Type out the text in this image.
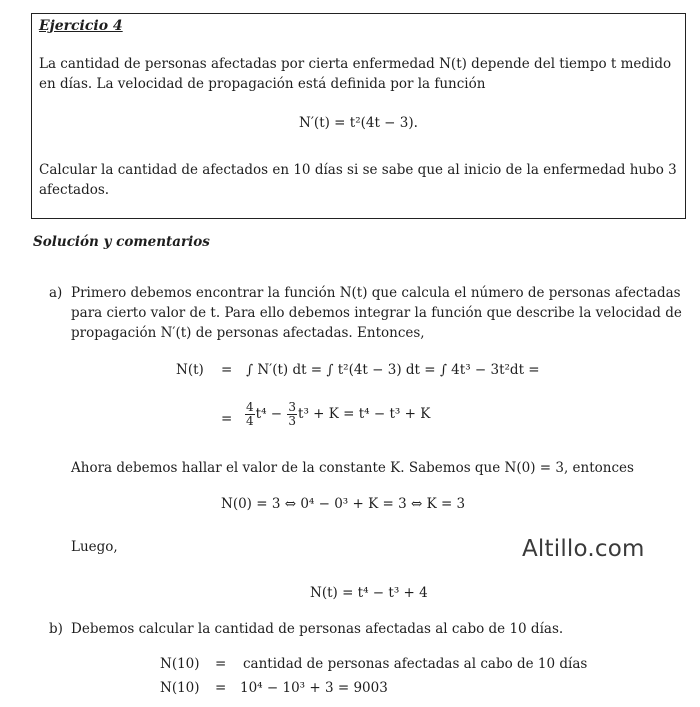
Ejercicio 4
La cantidad de personas afectadas por cierta enfermedad N(t) depende del tiempo t medido
en días. La velocidad de propagación está definida por la función
N′(t) = t²(4t − 3).
Calcular la cantidad de afectados en 10 días si se sabe que al inicio de la enfermedad hubo 3
afectados.
Solución y comentarios
a) Primero debemos encontrar la función N(t) que calcula el número de personas afectadas
para cierto valor de t. Para ello debemos integrar la función que describe la velocidad de
propagación N′(t) de personas afectadas. Entonces,
N(t) = ∫ N′(t) dt = ∫ t²(4t − 3) dt = ∫ 4t³ − 3t²dt =
= $\frac{4}{4} t^4 - \frac{3}{3} t^3 + K = t^4 - t^3 + K$
Ahora debemos hallar el valor de la constante K. Sabemos que N(0) = 3, entonces
N(0) = 3 ⇔ 0⁴ − 0³ + K = 3 ⇔ K = 3
Luego,	Altillo.com
N(t) = t⁴ − t³ + 4
b) Debemos calcular la cantidad de personas afectadas al cabo de 10 días.
N(10) = cantidad de personas afectadas al cabo de 10 días
N(10) = 10⁴ − 10³ + 3 = 9003
